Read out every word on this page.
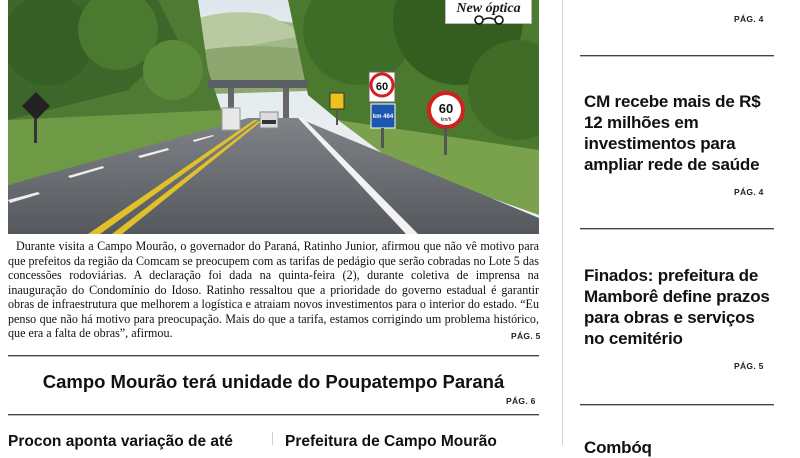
60
km 464
60
km/h
New óptica
Durante visita a Campo Mourão, o governador do Paraná, Ratinho Junior, afirmou que não vê motivo para que prefeitos da região da Comcam se preocupem com as tarifas de pedágio que serão cobradas no Lote 5 das concessões rodoviárias. A declaração foi dada na quinta-feira (2), durante coletiva de imprensa na inauguração do Condomínio do Idoso. Ratinho ressaltou que a prioridade do governo estadual é garantir obras de infraestrutura que melhorem a logística e atraiam novos investimentos para o interior do estado. “Eu penso que não há motivo para preocupação. Mais do que a tarifa, estamos corrigindo um problema histórico, que era a falta de obras”, afirmou.	PÁG. 5
Campo Mourão terá unidade do Poupatempo Paraná
PÁG. 6
Procon aponta variação de até	Prefeitura de Campo Mourão
PÁG. 4
CM recebe mais de R$ 12 milhões em investimentos para ampliar rede de saúde
PÁG. 4
Finados: prefeitura de Mamborê define prazos para obras e serviços no cemitério
PÁG. 5
Combóq
